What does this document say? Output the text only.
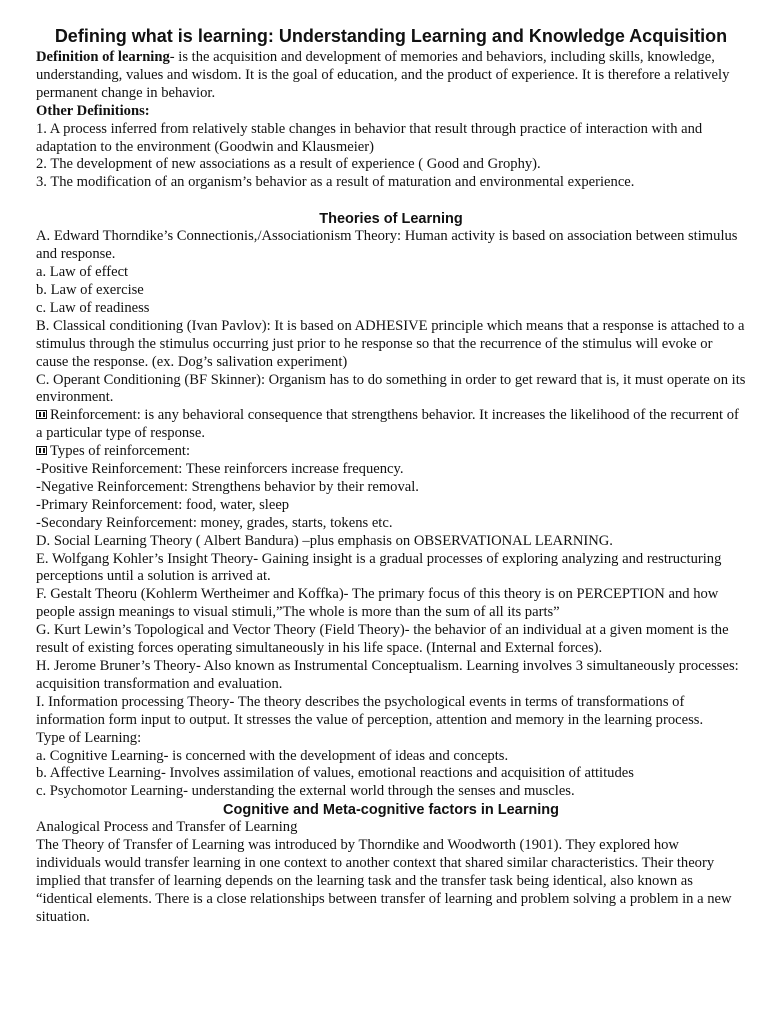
Defining what is learning: Understanding Learning and Knowledge Acquisition

Definition of learning- is the acquisition and development of memories and behaviors, including skills, knowledge, understanding, values and wisdom. It is the goal of education, and the product of experience. It is therefore a relatively permanent change in behavior.

Other Definitions:

1. A process inferred from relatively stable changes in behavior that result through practice of interaction with and adaptation to the environment (Goodwin and Klausmeier)

2. The development of new associations as a result of experience ( Good and Grophy).

3. The modification of an organism’s behavior as a result of maturation and environmental experience.

Theories of Learning

A. Edward Thorndike’s Connectionis,/Associationism Theory: Human activity is based on association between stimulus and response.

a. Law of effect

b. Law of exercise

c. Law of readiness

B. Classical conditioning (Ivan Pavlov): It is based on ADHESIVE principle which means that a response is attached to a stimulus through the stimulus occurring just prior to he response so that the recurrence of the stimulus will evoke or cause the response. (ex. Dog’s salivation experiment)

C. Operant Conditioning (BF Skinner): Organism has to do something in order to get reward that is, it must operate on its environment.

Reinforcement: is any behavioral consequence that strengthens behavior. It increases the likelihood of the recurrent of a particular type of response.

Types of reinforcement:

-Positive Reinforcement: These reinforcers increase frequency.

-Negative Reinforcement: Strengthens behavior by their removal.

-Primary Reinforcement: food, water, sleep

-Secondary Reinforcement: money, grades, starts, tokens etc.

D. Social Learning Theory ( Albert Bandura) –plus emphasis on OBSERVATIONAL LEARNING.

E. Wolfgang Kohler’s Insight Theory- Gaining insight is a gradual processes of exploring analyzing and restructuring perceptions until a solution is arrived at.

F. Gestalt Theoru (Kohlerm Wertheimer and Koffka)- The primary focus of this theory is on PERCEPTION and how people assign meanings to visual stimuli,”The whole is more than the sum of all its parts”

G. Kurt Lewin’s Topological and Vector Theory (Field Theory)- the behavior of an individual at a given moment is the result of existing forces operating simultaneously in his life space. (Internal and External forces).

H. Jerome Bruner’s Theory- Also known as Instrumental Conceptualism. Learning involves 3 simultaneously processes: acquisition transformation and evaluation.

I. Information processing Theory- The theory describes the psychological events in terms of transformations of information form input to output. It stresses the value of perception, attention and memory in the learning process.

Type of Learning:

a. Cognitive Learning- is concerned with the development of ideas and concepts.

b. Affective Learning- Involves assimilation of values, emotional reactions and acquisition of attitudes

c. Psychomotor Learning- understanding the external world through the senses and muscles.

Cognitive and Meta-cognitive factors in Learning

Analogical Process and Transfer of Learning

The Theory of Transfer of Learning was introduced by Thorndike and Woodworth (1901). They explored how individuals would transfer learning in one context to another context that shared similar characteristics. Their theory implied that transfer of learning depends on the learning task and the transfer task being identical, also known as “identical elements. There is a close relationships between transfer of learning and problem solving a problem in a new situation.
